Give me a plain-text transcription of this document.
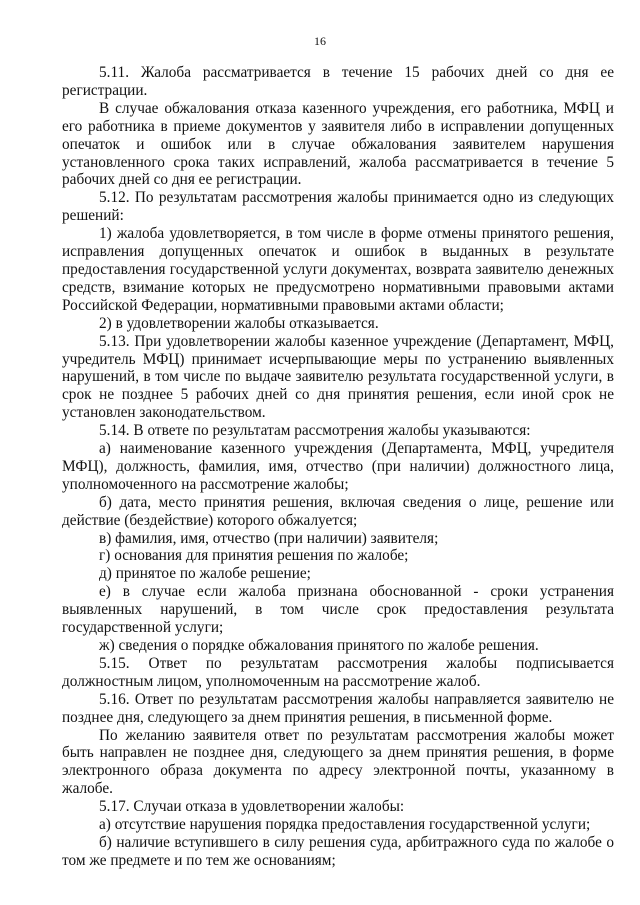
16

5.11. Жалоба рассматривается в течение 15 рабочих дней со дня ее регистрации.

В случае обжалования отказа казенного учреждения, его работника, МФЦ и его работника в приеме документов у заявителя либо в исправлении допущенных опечаток и ошибок или в случае обжалования заявителем нарушения установленного срока таких исправлений, жалоба рассматривается в течение 5 рабочих дней со дня ее регистрации.

5.12. По результатам рассмотрения жалобы принимается одно из следующих решений:

1) жалоба удовлетворяется, в том числе в форме отмены принятого решения, исправления допущенных опечаток и ошибок в выданных в результате предоставления государственной услуги документах, возврата заявителю денежных средств, взимание которых не предусмотрено нормативными правовыми актами Российской Федерации, нормативными правовыми актами области;

2) в удовлетворении жалобы отказывается.

5.13. При удовлетворении жалобы казенное учреждение (Департамент, МФЦ, учредитель МФЦ) принимает исчерпывающие меры по устранению выявленных нарушений, в том числе по выдаче заявителю результата государственной услуги, в срок не позднее 5 рабочих дней со дня принятия решения, если иной срок не установлен законодательством.

5.14. В ответе по результатам рассмотрения жалобы указываются:

а) наименование казенного учреждения (Департамента, МФЦ, учредителя МФЦ), должность, фамилия, имя, отчество (при наличии) должностного лица, уполномоченного на рассмотрение жалобы;

б) дата, место принятия решения, включая сведения о лице, решение или действие (бездействие) которого обжалуется;

в) фамилия, имя, отчество (при наличии) заявителя;

г) основания для принятия решения по жалобе;

д) принятое по жалобе решение;

е) в случае если жалоба признана обоснованной - сроки устранения выявленных нарушений, в том числе срок предоставления результата государственной услуги;

ж) сведения о порядке обжалования принятого по жалобе решения.

5.15. Ответ по результатам рассмотрения жалобы подписывается должностным лицом, уполномоченным на рассмотрение жалоб.

5.16. Ответ по результатам рассмотрения жалобы направляется заявителю не позднее дня, следующего за днем принятия решения, в письменной форме.

По желанию заявителя ответ по результатам рассмотрения жалобы может быть направлен не позднее дня, следующего за днем принятия решения, в форме электронного образа документа по адресу электронной почты, указанному в жалобе.

5.17. Случаи отказа в удовлетворении жалобы:

а) отсутствие нарушения порядка предоставления государственной услуги;

б) наличие вступившего в силу решения суда, арбитражного суда по жалобе о том же предмете и по тем же основаниям;
